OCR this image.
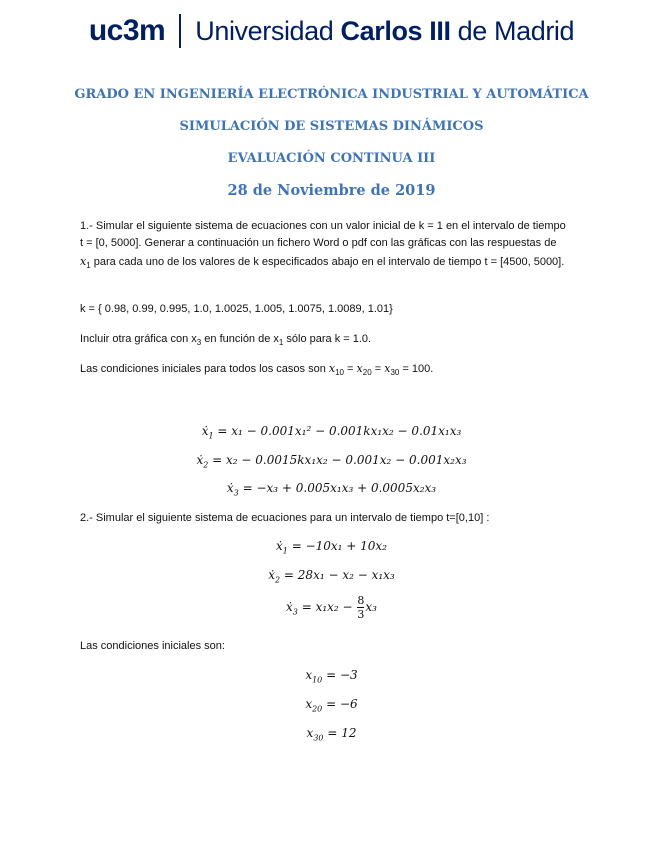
uc3m Universidad Carlos III de Madrid
GRADO EN INGENIERÍA ELECTRÓNICA INDUSTRIAL Y AUTOMÁTICA
SIMULACIÓN DE SISTEMAS DINÁMICOS
EVALUACIÓN CONTINUA III
28 de Noviembre de 2019
1.- Simular el siguiente sistema de ecuaciones con un valor inicial de k = 1 en el intervalo de tiempo t = [0, 5000]. Generar a continuación un fichero Word o pdf con las gráficas con las respuestas de $x_1$ para cada uno de los valores de k especificados abajo en el intervalo de tiempo t = [4500, 5000].
k = { 0.98, 0.99, 0.995, 1.0, 1.0025, 1.005, 1.0075, 1.0089, 1.01}
Incluir otra gráfica con $x_3$ en función de $x_1$ sólo para k = 1.0.
Las condiciones iniciales para todos los casos son $x_{10} = x_{20} = x_{30} = 100$.
$ẋ_1 = x_1 - 0.001x_1^2 - 0.001kx_1x_2 - 0.01x_1x_3$
$ẋ_2 = x_2 - 0.0015kx_1x_2 - 0.001x_2 - 0.001x_2x_3$
$ẋ_3 = -x_3 + 0.005x_1x_3 + 0.0005x_2x_3$
2.- Simular el siguiente sistema de ecuaciones para un intervalo de tiempo t=[0,10] :
$ẋ_1 = -10x_1 + 10x_2$
$ẋ_2 = 28x_1 - x_2 - x_1x_3$
$ẋ_3 = x_1x_2 - \frac{8}{3} x_3$
Las condiciones iniciales son:
$x_{10} = -3$
$x_{20} = -6$
$x_{30} = 12$
